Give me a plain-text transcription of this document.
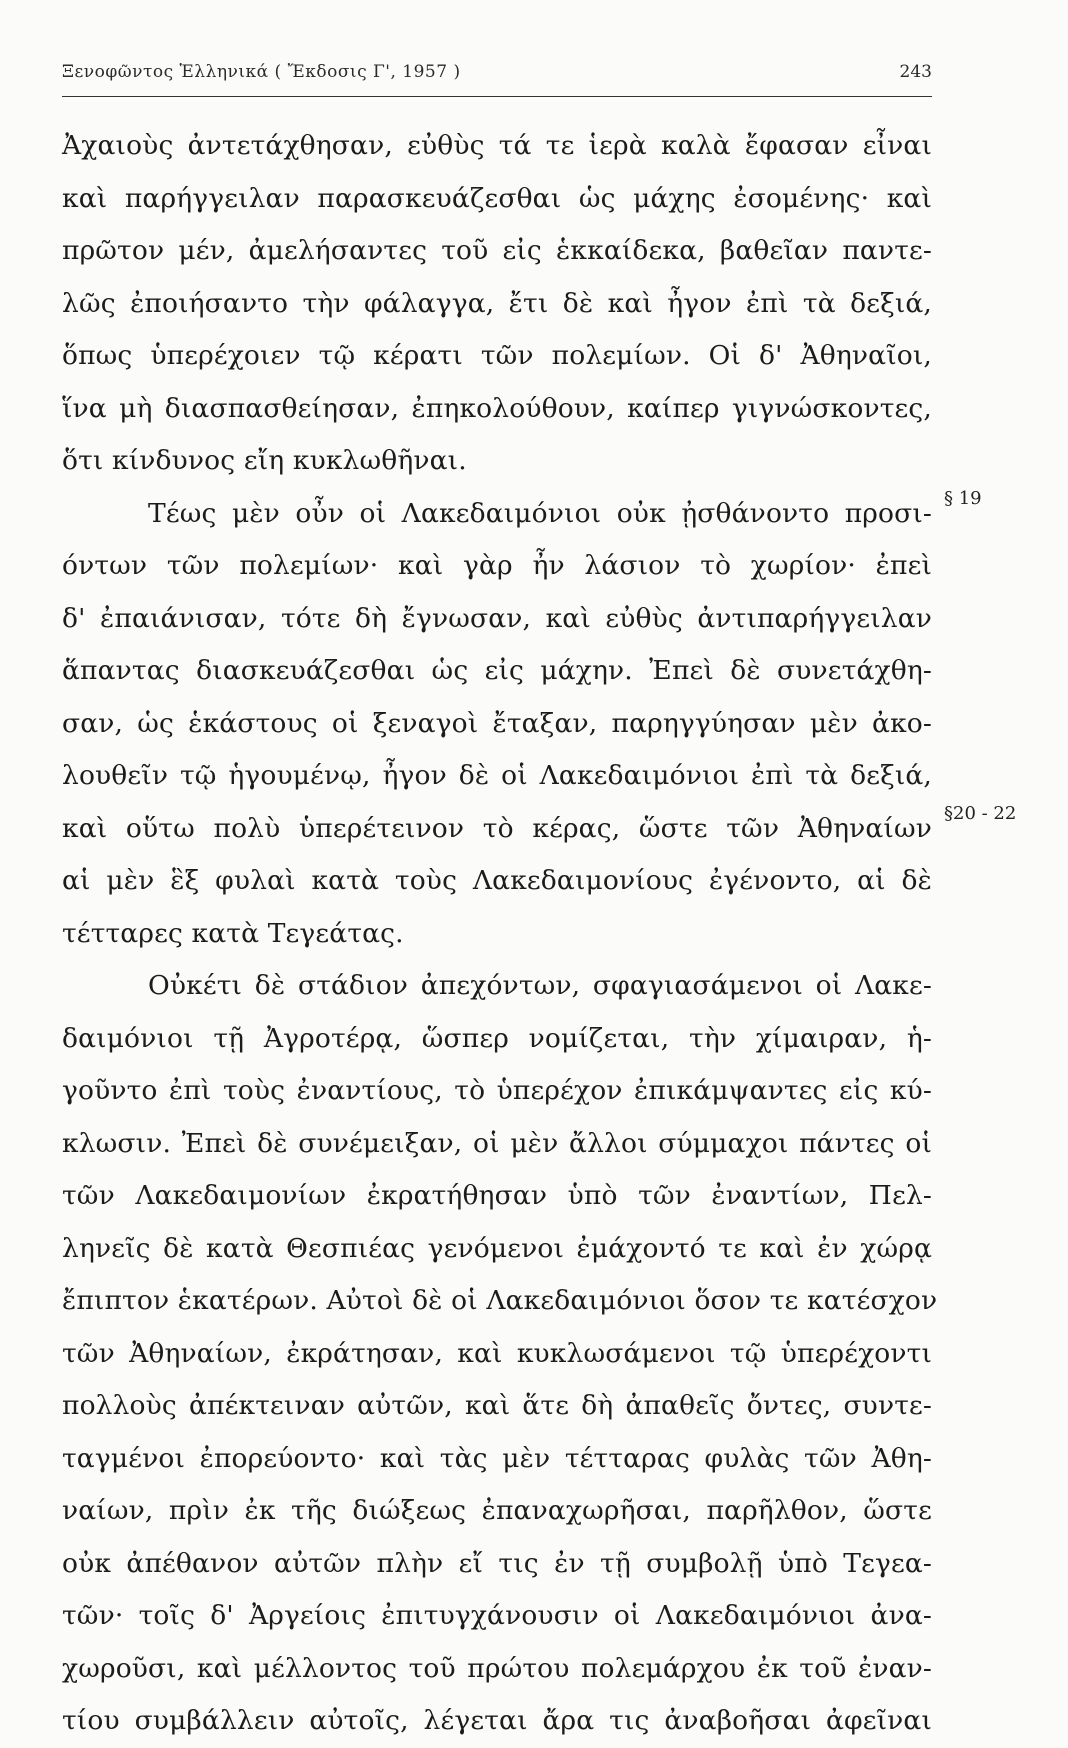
Ξενοφῶντος Ἑλληνικά ( Ἔκδοσις Γ', 1957 )	243
Ἀχαιοὺς ἀντετάχθησαν, εὐθὺς τά τε ἱερὰ καλὰ ἔφασαν εἶναι
καὶ παρήγγειλαν παρασκευάζεσθαι ὡς μάχης ἐσομένης· καὶ
πρῶτον μέν, ἀμελήσαντες τοῦ εἰς ἑκκαίδεκα, βαθεῖαν παντε-
λῶς ἐποιήσαντο τὴν φάλαγγα, ἔτι δὲ καὶ ἦγον ἐπὶ τὰ δεξιά,
ὅπως ὑπερέχοιεν τῷ κέρατι τῶν πολεμίων. Οἱ δ' Ἀθηναῖοι,
ἵνα μὴ διασπασθείησαν, ἐπηκολούθουν, καίπερ γιγνώσκοντες,
ὅτι κίνδυνος εἴη κυκλωθῆναι.
Τέως μὲν οὖν οἱ Λακεδαιμόνιοι οὐκ ᾐσθάνοντο προσι-
όντων τῶν πολεμίων· καὶ γὰρ ἦν λάσιον τὸ χωρίον· ἐπεὶ
δ' ἐπαιάνισαν, τότε δὴ ἔγνωσαν, καὶ εὐθὺς ἀντιπαρήγγειλαν
ἅπαντας διασκευάζεσθαι ὡς εἰς μάχην. Ἐπεὶ δὲ συνετάχθη-
σαν, ὡς ἑκάστους οἱ ξεναγοὶ ἔταξαν, παρηγγύησαν μὲν ἀκο-
λουθεῖν τῷ ἡγουμένῳ, ἦγον δὲ οἱ Λακεδαιμόνιοι ἐπὶ τὰ δεξιά,
καὶ οὕτω πολὺ ὑπερέτεινον τὸ κέρας, ὥστε τῶν Ἀθηναίων
αἱ μὲν ἓξ φυλαὶ κατὰ τοὺς Λακεδαιμονίους ἐγένοντο, αἱ δὲ
τέτταρες κατὰ Τεγεάτας.
Οὐκέτι δὲ στάδιον ἀπεχόντων, σφαγιασάμενοι οἱ Λακε-
δαιμόνιοι τῇ Ἀγροτέρᾳ, ὥσπερ νομίζεται, τὴν χίμαιραν, ἡ-
γοῦντο ἐπὶ τοὺς ἐναντίους, τὸ ὑπερέχον ἐπικάμψαντες εἰς κύ-
κλωσιν. Ἐπεὶ δὲ συνέμειξαν, οἱ μὲν ἄλλοι σύμμαχοι πάντες οἱ
τῶν Λακεδαιμονίων ἐκρατήθησαν ὑπὸ τῶν ἐναντίων, Πελ-
ληνεῖς δὲ κατὰ Θεσπιέας γενόμενοι ἐμάχοντό τε καὶ ἐν χώρᾳ
ἔπιπτον ἑκατέρων. Αὐτοὶ δὲ οἱ Λακεδαιμόνιοι ὅσον τε κατέσχον
τῶν Ἀθηναίων, ἐκράτησαν, καὶ κυκλωσάμενοι τῷ ὑπερέχοντι
πολλοὺς ἀπέκτειναν αὐτῶν, καὶ ἅτε δὴ ἀπαθεῖς ὄντες, συντε-
ταγμένοι ἐπορεύοντο· καὶ τὰς μὲν τέτταρας φυλὰς τῶν Ἀθη-
ναίων, πρὶν ἐκ τῆς διώξεως ἐπαναχωρῆσαι, παρῆλθον, ὥστε
οὐκ ἀπέθανον αὐτῶν πλὴν εἴ τις ἐν τῇ συμβολῇ ὑπὸ Τεγεα-
τῶν· τοῖς δ' Ἀργείοις ἐπιτυγχάνουσιν οἱ Λακεδαιμόνιοι ἀνα-
χωροῦσι, καὶ μέλλοντος τοῦ πρώτου πολεμάρχου ἐκ τοῦ ἐναν-
τίου συμβάλλειν αὐτοῖς, λέγεται ἄρα τις ἀναβοῆσαι ἀφεῖναι
§ 19
§20 - 22
